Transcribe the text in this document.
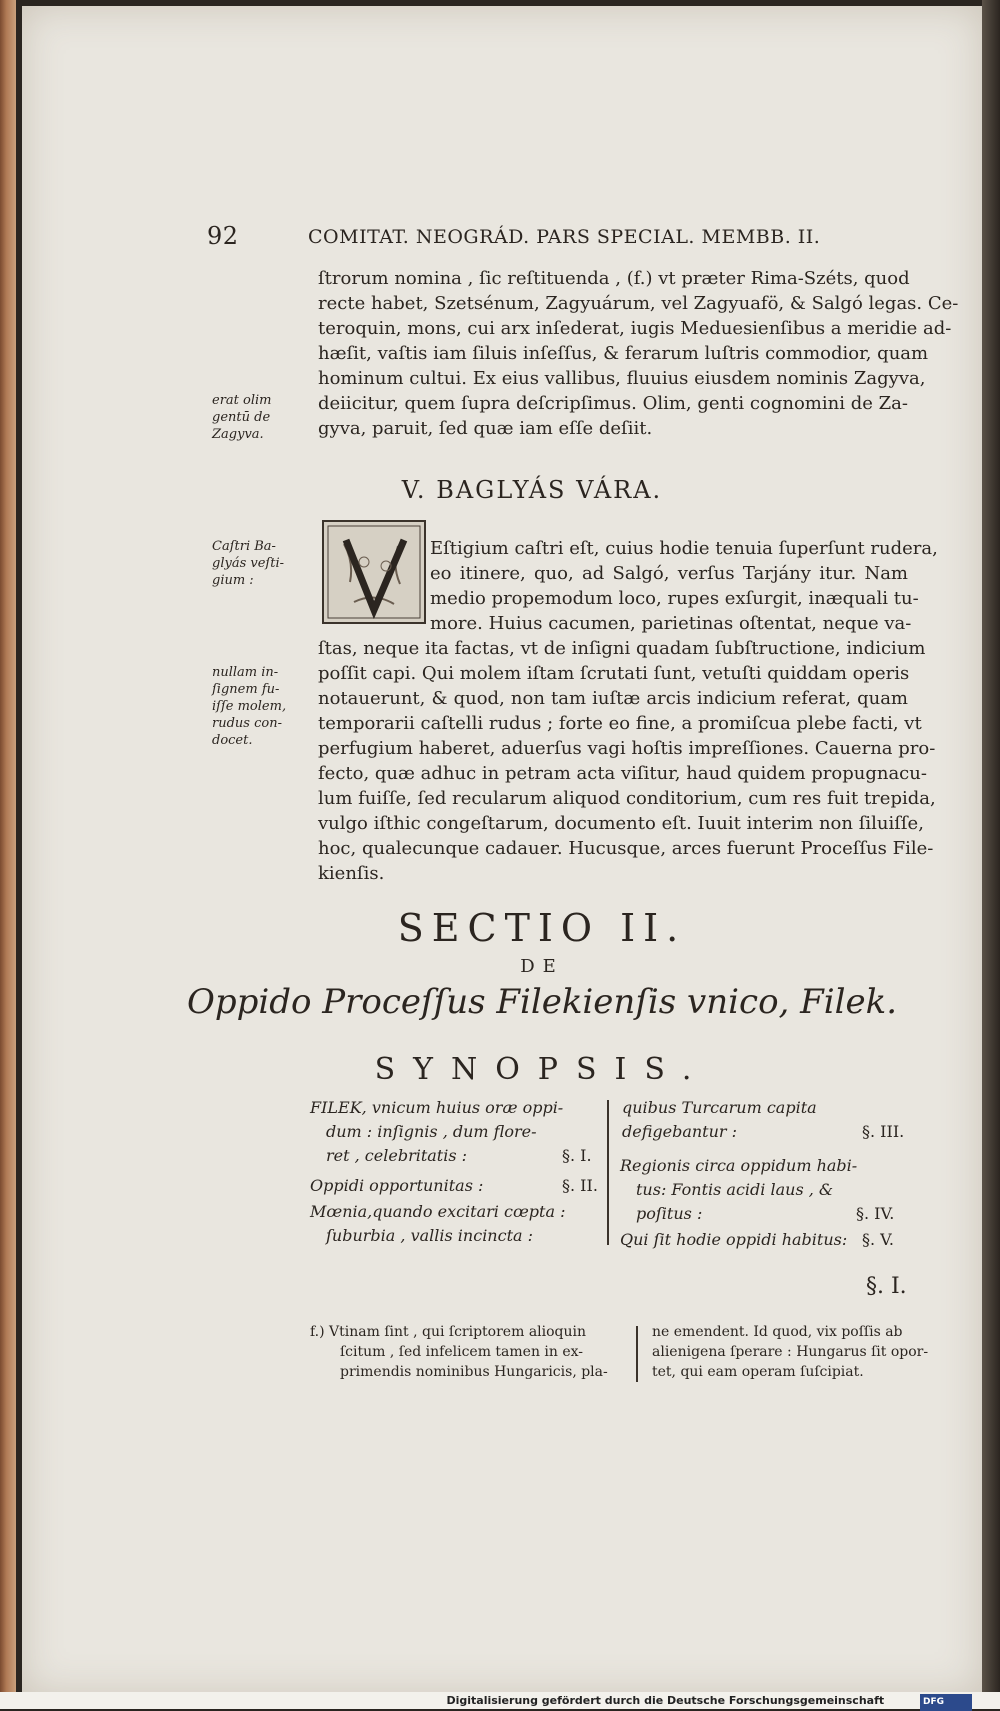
92	COMITAT. NEOGRÁD. PARS SPECIAL. MEMBB. II.
ſtrorum nomina , ſic reſtituenda , (f.) vt præter Rima-Széts, quod
recte habet, Szetsénum, Zagyuárum, vel Zagyuafö, & Salgó legas. Ce-
teroquin, mons, cui arx inſederat, iugis Meduesienſibus a meridie ad-
hæſit, vaſtis iam ſiluis inſeſſus, & ferarum luſtris commodior, quam
hominum cultui. Ex eius vallibus, fluuius eiusdem nominis Zagyva,
deiicitur, quem ſupra deſcripſimus. Olim, genti cognomini de Za-
gyva, paruit, ſed quæ iam eſſe deſiit.
erat olim
gentū de
Zagyva.
V. BAGLYÁS VÁRA.
Caſtri Ba-
glyás veſti-
gium :
Eſtigium caſtri eſt, cuius hodie tenuia ſuperſunt rudera,
eo itinere, quo, ad Salgó, verſus Tarjány itur. Nam
medio propemodum loco, rupes exſurgit, inæquali tu-
more. Huius cacumen, parietinas oſtentat, neque va-
ſtas, neque ita factas, vt de inſigni quadam ſubſtructione, indicium
poſſit capi. Qui molem iſtam ſcrutati ſunt, vetuſti quiddam operis
notauerunt, & quod, non tam iuſtæ arcis indicium referat, quam
temporarii caſtelli rudus ; forte eo fine, a promiſcua plebe facti, vt
perfugium haberet, aduerſus vagi hoſtis impreſſiones. Cauerna pro-
fecto, quæ adhuc in petram acta viſitur, haud quidem propugnacu-
lum fuiſſe, ſed recularum aliquod conditorium, cum res fuit trepida,
vulgo iſthic congeſtarum, documento eſt. Iuuit interim non ſiluiſſe,
hoc, qualecunque cadauer. Hucusque, arces fuerunt Proceſſus File-
kienſis.
nullam in-
ſignem fu-
iſſe molem,
rudus con-
docet.
SECTIO II.
DE
Oppido Proceſſus Filekienſis vnico, Filek.
SYNOPSIS.
FILEK, vnicum huius oræ oppi-
dum : inſignis , dum flore-
ret , celebritatis :
Oppidi opportunitas :
Mœnia,quando excitari cœpta :
ſuburbia , vallis incincta :
§. I.
§. II.
quibus Turcarum capita
defigebantur :
Regionis circa oppidum habi-
tus: Fontis acidi laus , &
poſitus :
Qui ſit hodie oppidi habitus:
§. III.
§. IV.
§. V.
§. I.
f.) Vtinam ſint , qui ſcriptorem alioquin
ſcitum , ſed infelicem tamen in ex-
primendis nominibus Hungaricis, pla-
ne emendent. Id quod, vix poſſis ab
alienigena ſperare : Hungarus ſit opor-
tet, qui eam operam ſuſcipiat.
Digitalisierung gefördert durch die Deutsche Forschungsgemeinschaft	DFG
